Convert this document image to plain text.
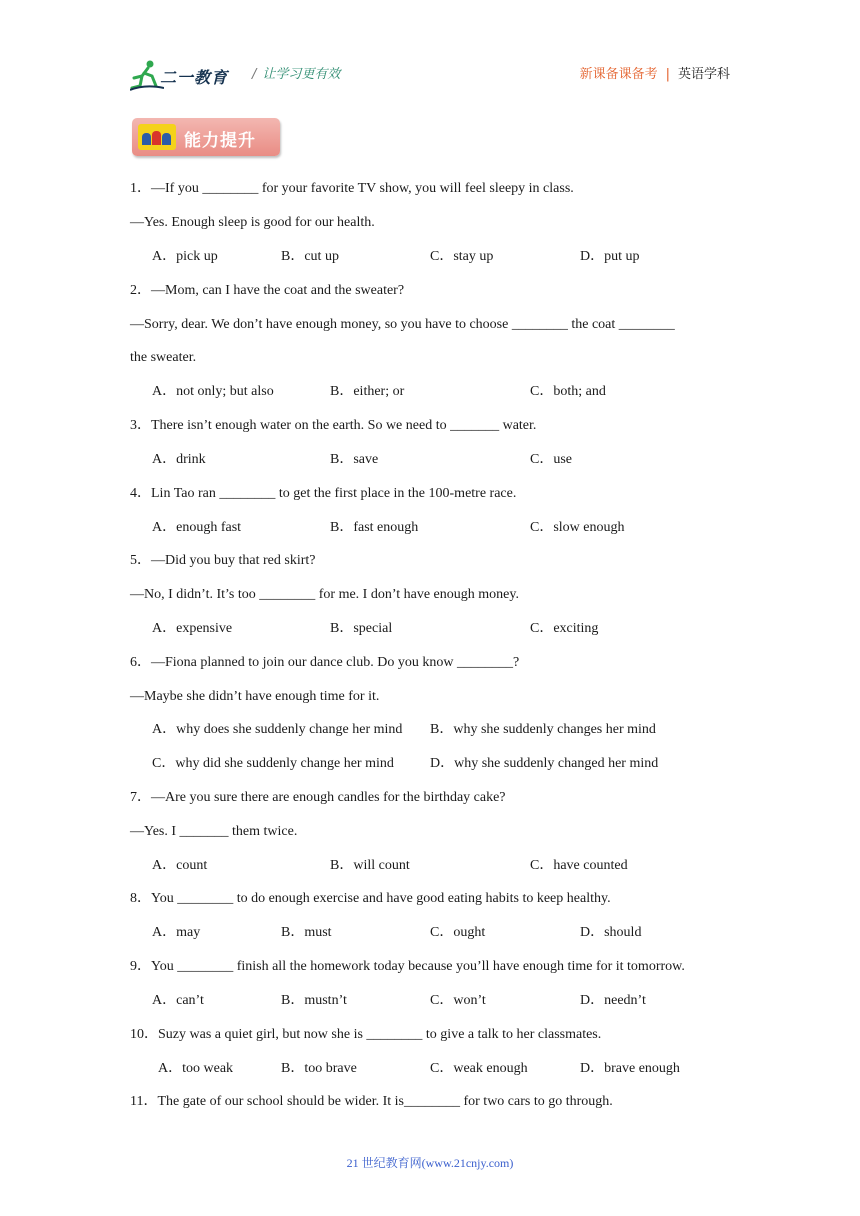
二一教育 / 让学习更有效	新课备课备考 | 英语学科
能力提升
1．—If you ________ for your favorite TV show, you will feel sleepy in class.
—Yes. Enough sleep is good for our health.
A．pick up	B．cut up	C．stay up	D．put up
2．—Mom, can I have the coat and the sweater?
—Sorry, dear. We don’t have enough money, so you have to choose ________ the coat ________
the sweater.
A．not only; but also	B．either; or	C．both; and
3．There isn’t enough water on the earth. So we need to _______ water.
A．drink	B．save	C．use
4．Lin Tao ran ________ to get the first place in the 100-metre race.
A．enough fast	B．fast enough	C．slow enough
5．—Did you buy that red skirt?
—No, I didn’t. It’s too ________ for me. I don’t have enough money.
A．expensive	B．special	C．exciting
6．—Fiona planned to join our dance club. Do you know ________?
—Maybe she didn’t have enough time for it.
A．why does she suddenly change her mind B．why she suddenly changes her mind
C．why did she suddenly change her mind	D．why she suddenly changed her mind
7．—Are you sure there are enough candles for the birthday cake?
—Yes. I _______ them twice.
A．count	B．will count	C．have counted
8．You ________ to do enough exercise and have good eating habits to keep healthy.
A．may	B．must	C．ought	D．should
9．You ________ finish all the homework today because you’ll have enough time for it tomorrow.
A．can’t	B．mustn’t	C．won’t	D．needn’t
10．Suzy was a quiet girl, but now she is ________ to give a talk to her classmates.
A．too weak	B．too brave	C．weak enough	D．brave enough
11．The gate of our school should be wider. It is________ for two cars to go through.
21 世纪教育网(www.21cnjy.com)
